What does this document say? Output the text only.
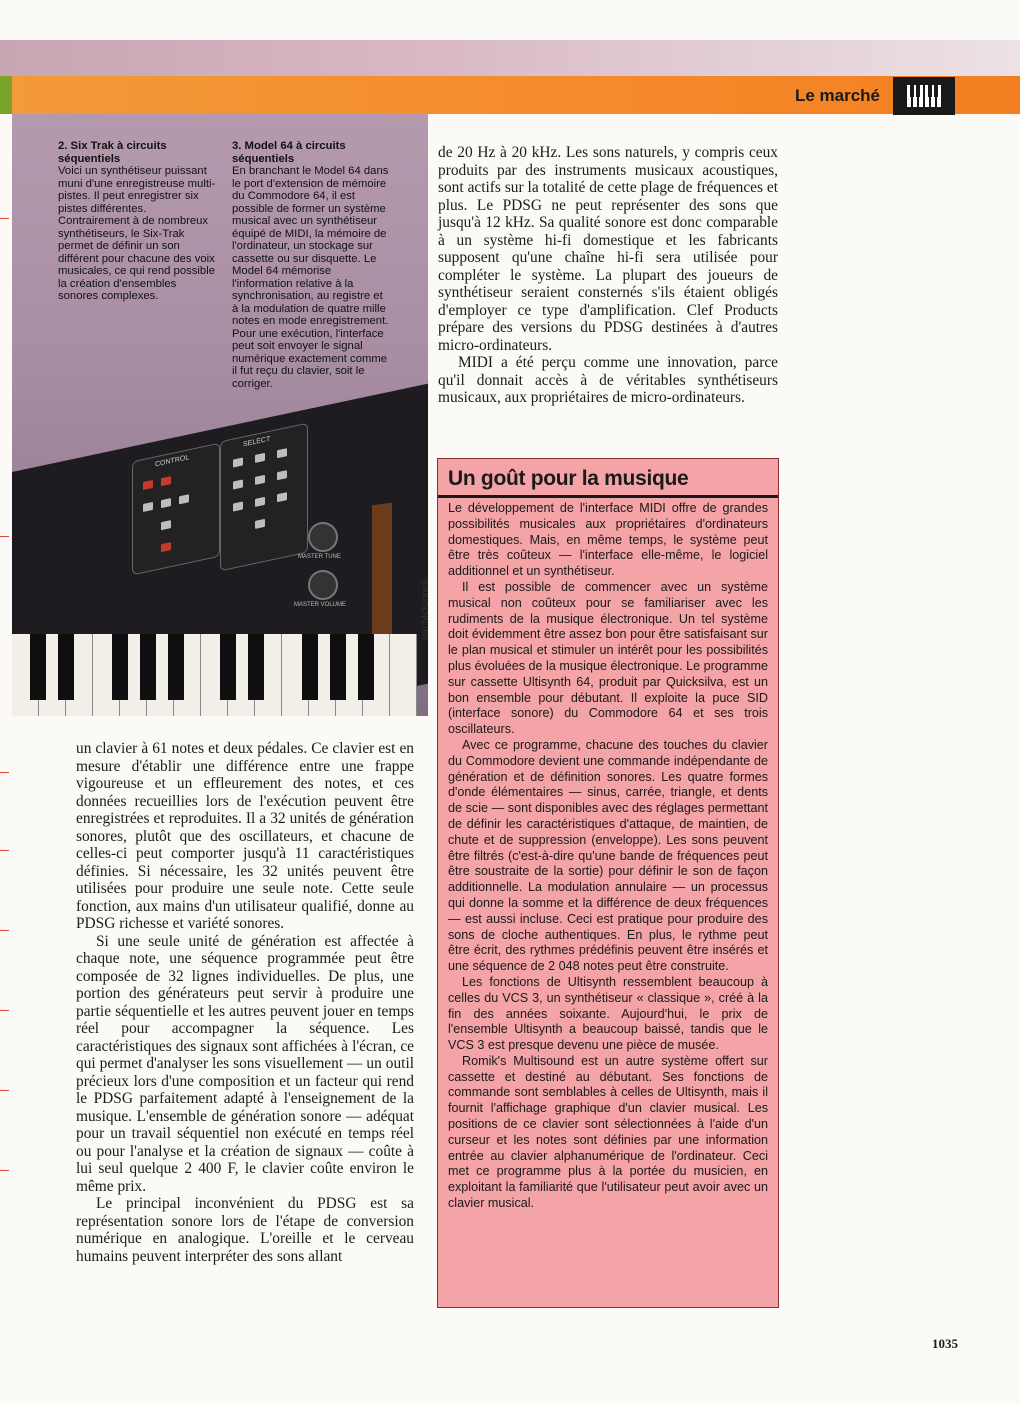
Le marché
2. Six Trak à circuits séquentiels
Voici un synthétiseur puissant muni d'une enregistreuse multi-pistes. Il peut enregistrer six pistes différentes. Contrairement à de nombreux synthétiseurs, le Six-Trak permet de définir un son différent pour chacune des voix musicales, ce qui rend possible la création d'ensembles sonores complexes.
3. Model 64 à circuits séquentiels
En branchant le Model 64 dans le port d'extension de mémoire du Commodore 64, il est possible de former un système musical avec un synthétiseur équipé de MIDI, la mémoire de l'ordinateur, un stockage sur cassette ou sur disquette. Le Model 64 mémorise l'information relative à la synchronisation, au registre et à la modulation de quatre mille notes en mode enregistrement. Pour une exécution, l'interface peut soit envoyer le signal numérique exactement comme il fut reçu du clavier, soit le corriger.
CONTROL
SELECT
MASTER TUNE
MASTER VOLUME	Ian McKinnell.

de 20 Hz à 20 kHz. Les sons naturels, y compris ceux produits par des instruments musicaux acoustiques, sont actifs sur la totalité de cette plage de fréquences et plus. Le PDSG ne peut représenter des sons que jusqu'à 12 kHz. Sa qualité sonore est donc comparable à un système hi-fi domestique et les fabricants supposent qu'une chaîne hi-fi sera utilisée pour compléter le système. La plupart des joueurs de synthétiseur seraient consternés s'ils étaient obligés d'employer ce type d'amplification. Clef Products prépare des versions du PDSG destinées à d'autres micro-ordinateurs.

MIDI a été perçu comme une innovation, parce qu'il donnait accès à de véritables synthétiseurs musicaux, aux propriétaires de micro-ordinateurs.

un clavier à 61 notes et deux pédales. Ce clavier est en mesure d'établir une différence entre une frappe vigoureuse et un effleurement des notes, et ces données recueillies lors de l'exécution peuvent être enregistrées et reproduites. Il a 32 unités de génération sonores, plutôt que des oscillateurs, et chacune de celles-ci peut comporter jusqu'à 11 caractéristiques définies. Si nécessaire, les 32 unités peuvent être utilisées pour produire une seule note. Cette seule fonction, aux mains d'un utilisateur qualifié, donne au PDSG richesse et variété sonores.

Si une seule unité de génération est affectée à chaque note, une séquence programmée peut être composée de 32 lignes individuelles. De plus, une portion des générateurs peut servir à produire une partie séquentielle et les autres peuvent jouer en temps réel pour accompagner la séquence. Les caractéristiques des signaux sont affichées à l'écran, ce qui permet d'analyser les sons visuellement — un outil précieux lors d'une composition et un facteur qui rend le PDSG parfaitement adapté à l'enseignement de la musique. L'ensemble de génération sonore — adéquat pour un travail séquentiel non exécuté en temps réel ou pour l'analyse et la création de signaux — coûte à lui seul quelque 2 400 F, le clavier coûte environ le même prix.

Le principal inconvénient du PDSG est sa représentation sonore lors de l'étape de conversion numérique en analogique. L'oreille et le cerveau humains peuvent interpréter des sons allant

Un goût pour la musique

Le développement de l'interface MIDI offre de grandes possibilités musicales aux propriétaires d'ordinateurs domestiques. Mais, en même temps, le système peut être très coûteux — l'interface elle-même, le logiciel additionnel et un synthétiseur.

Il est possible de commencer avec un système musical non coûteux pour se familiariser avec les rudiments de la musique électronique. Un tel système doit évidemment être assez bon pour être satisfaisant sur le plan musical et stimuler un intérêt pour les possibilités plus évoluées de la musique électronique. Le programme sur cassette Ultisynth 64, produit par Quicksilva, est un bon ensemble pour débutant. Il exploite la puce SID (interface sonore) du Commodore 64 et ses trois oscillateurs.

Avec ce programme, chacune des touches du clavier du Commodore devient une commande indépendante de génération et de définition sonores. Les quatre formes d'onde élémentaires — sinus, carrée, triangle, et dents de scie — sont disponibles avec des réglages permettant de définir les caractéristiques d'attaque, de maintien, de chute et de suppression (enveloppe). Les sons peuvent être filtrés (c'est-à-dire qu'une bande de fréquences peut être soustraite de la sortie) pour définir le son de façon additionnelle. La modulation annulaire — un processus qui donne la somme et la différence de deux fréquences — est aussi incluse. Ceci est pratique pour produire des sons de cloche authentiques. En plus, le rythme peut être écrit, des rythmes prédéfinis peuvent être insérés et une séquence de 2 048 notes peut être construite.

Les fonctions de Ultisynth ressemblent beaucoup à celles du VCS 3, un synthétiseur « classique », créé à la fin des années soixante. Aujourd'hui, le prix de l'ensemble Ultisynth a beaucoup baissé, tandis que le VCS 3 est presque devenu une pièce de musée.

Romik's Multisound est un autre système offert sur cassette et destiné au débutant. Ses fonctions de commande sont semblables à celles de Ultisynth, mais il fournit l'affichage graphique d'un clavier musical. Les positions de ce clavier sont sélectionnées à l'aide d'un curseur et les notes sont définies par une information entrée au clavier alphanumérique de l'ordinateur. Ceci met ce programme plus à la portée du musicien, en exploitant la familiarité que l'utilisateur peut avoir avec un clavier musical.

1035
